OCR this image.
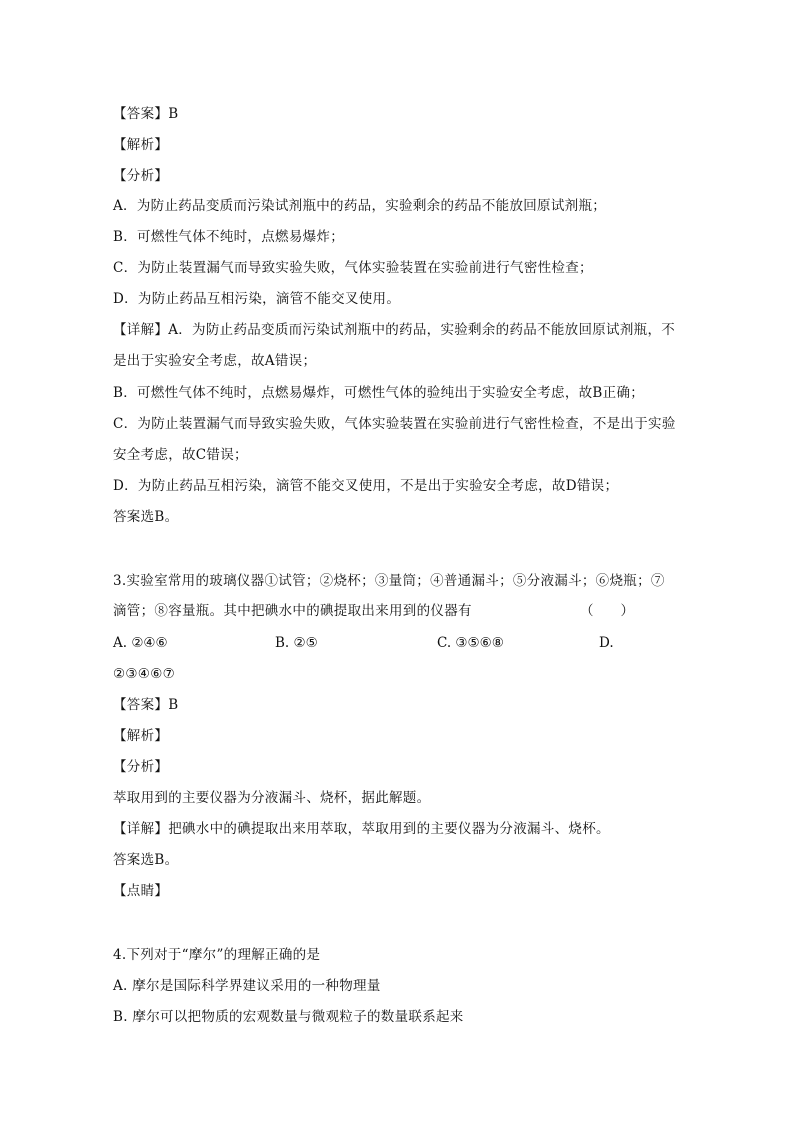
【答案】B
【解析】
【分析】
A．为防止药品变质而污染试剂瓶中的药品，实验剩余的药品不能放回原试剂瓶；
B．可燃性气体不纯时，点燃易爆炸；
C．为防止装置漏气而导致实验失败，气体实验装置在实验前进行气密性检查；
D．为防止药品互相污染，滴管不能交叉使用。
【详解】A．为防止药品变质而污染试剂瓶中的药品，实验剩余的药品不能放回原试剂瓶，不
是出于实验安全考虑，故A错误；
B．可燃性气体不纯时，点燃易爆炸，可燃性气体的验纯出于实验安全考虑，故B正确；
C．为防止装置漏气而导致实验失败，气体实验装置在实验前进行气密性检查，不是出于实验
安全考虑，故C错误；
D．为防止药品互相污染，滴管不能交叉使用，不是出于实验安全考虑，故D错误；
答案选B。
3.实验室常用的玻璃仪器①试管；②烧杯；③量筒；④普通漏斗；⑤分液漏斗；⑥烧瓶；⑦
滴管；⑧容量瓶。其中把碘水中的碘提取出来用到的仪器有	（　　）
A. ②④⑥	B. ②⑤	C. ③⑤⑥⑧	D.
②③④⑥⑦
【答案】B
【解析】
【分析】
萃取用到的主要仪器为分液漏斗、烧杯，据此解题。
【详解】把碘水中的碘提取出来用萃取，萃取用到的主要仪器为分液漏斗、烧杯。
答案选B。
【点睛】
4.下列对于“摩尔”的理解正确的是
A. 摩尔是国际科学界建议采用的一种物理量
B. 摩尔可以把物质的宏观数量与微观粒子的数量联系起来
